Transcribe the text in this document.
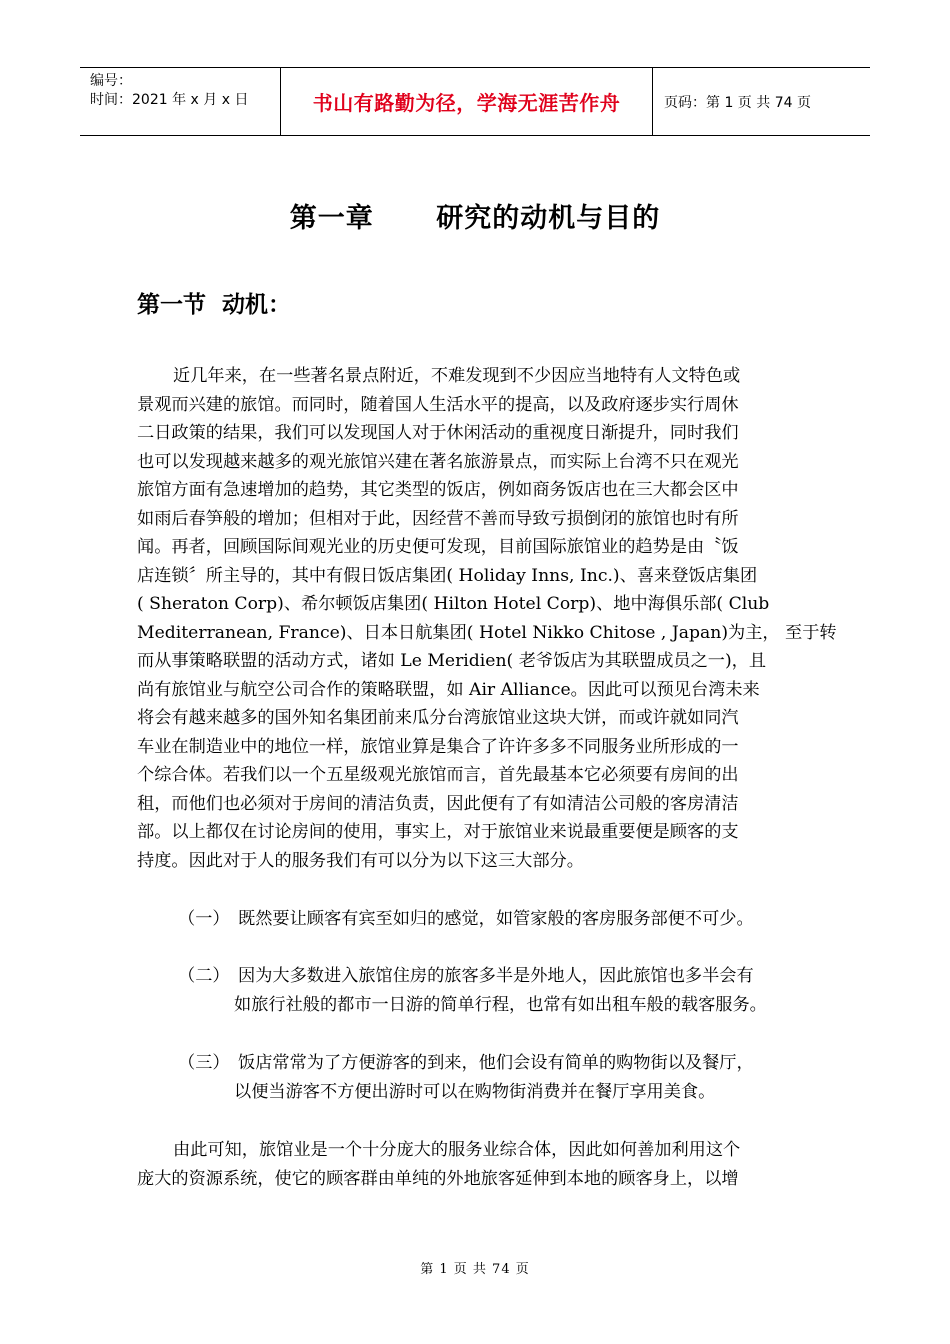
编号：
时间：2021 年 x 月 x 日	书山有路勤为径，学海无涯苦作舟	页码：第 1 页 共 74 页
第一章      研究的动机与目的
第一节  动机：
近几年来，在一些著名景点附近，不难发现到不少因应当地特有人文特色或
景观而兴建的旅馆。而同时，随着国人生活水平的提高，以及政府逐步实行周休
二日政策的结果，我们可以发现国人对于休闲活动的重视度日渐提升，同时我们
也可以发现越来越多的观光旅馆兴建在著名旅游景点，而实际上台湾不只在观光
旅馆方面有急速增加的趋势，其它类型的饭店，例如商务饭店也在三大都会区中
如雨后春笋般的增加；但相对于此，因经营不善而导致亏损倒闭的旅馆也时有所
闻。再者，回顾国际间观光业的历史便可发现，目前国际旅馆业的趋势是由〝饭
店连锁〞所主导的，其中有假日饭店集团( Holiday Inns, Inc.)、喜来登饭店集团
( Sheraton Corp)、希尔顿饭店集团( Hilton Hotel Corp)、地中海俱乐部( Club
Mediterranean, France)、日本日航集团( Hotel Nikko Chitose , Japan)为主， 至于转
而从事策略联盟的活动方式，诸如 Le Meridien( 老爷饭店为其联盟成员之一)，且
尚有旅馆业与航空公司合作的策略联盟，如 Air Alliance。因此可以预见台湾未来
将会有越来越多的国外知名集团前来瓜分台湾旅馆业这块大饼，而或许就如同汽
车业在制造业中的地位一样，旅馆业算是集合了许许多多不同服务业所形成的一
个综合体。若我们以一个五星级观光旅馆而言，首先最基本它必须要有房间的出
租，而他们也必须对于房间的清洁负责，因此便有了有如清洁公司般的客房清洁
部。以上都仅在讨论房间的使用，事实上，对于旅馆业来说最重要便是顾客的支
持度。因此对于人的服务我们有可以分为以下这三大部分。
（一） 既然要让顾客有宾至如归的感觉，如管家般的客房服务部便不可少。
（二） 因为大多数进入旅馆住房的旅客多半是外地人，因此旅馆也多半会有
如旅行社般的都市一日游的简单行程，也常有如出租车般的载客服务。
（三） 饭店常常为了方便游客的到来，他们会设有简单的购物街以及餐厅，
以便当游客不方便出游时可以在购物街消费并在餐厅享用美食。
由此可知，旅馆业是一个十分庞大的服务业综合体，因此如何善加利用这个
庞大的资源系统，使它的顾客群由单纯的外地旅客延伸到本地的顾客身上，以增
第 1 页 共 74 页
